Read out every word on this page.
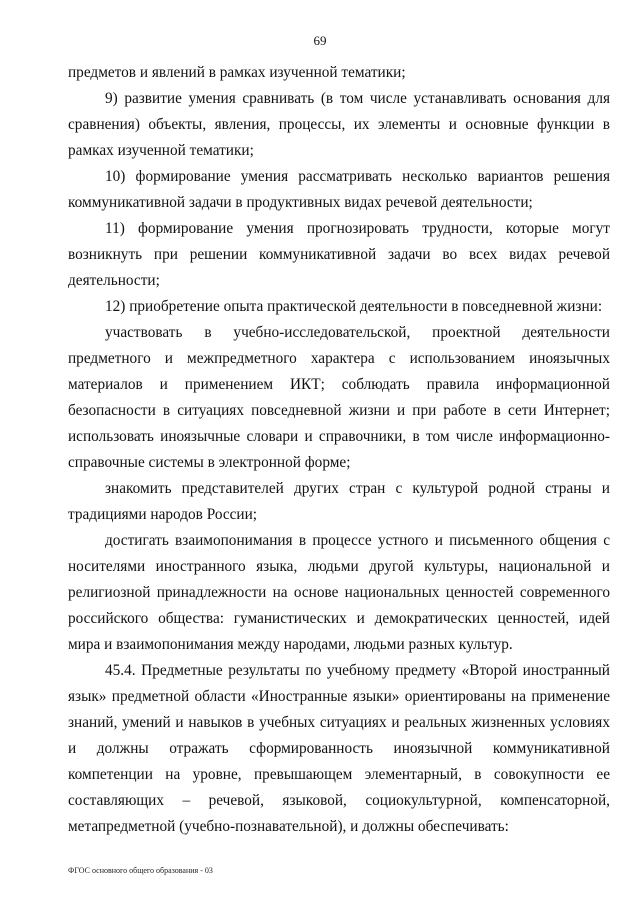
69

предметов и явлений в рамках изученной тематики;

9) развитие умения сравнивать (в том числе устанавливать основания для сравнения) объекты, явления, процессы, их элементы и основные функции в рамках изученной тематики;

10) формирование умения рассматривать несколько вариантов решения коммуникативной задачи в продуктивных видах речевой деятельности;

11) формирование умения прогнозировать трудности, которые могут возникнуть при решении коммуникативной задачи во всех видах речевой деятельности;

12) приобретение опыта практической деятельности в повседневной жизни:

участвовать в учебно-исследовательской, проектной деятельности предметного и межпредметного характера с использованием иноязычных материалов и применением ИКТ; соблюдать правила информационной безопасности в ситуациях повседневной жизни и при работе в сети Интернет; использовать иноязычные словари и справочники, в том числе информационно-справочные системы в электронной форме;

знакомить представителей других стран с культурой родной страны и традициями народов России;

достигать взаимопонимания в процессе устного и письменного общения с носителями иностранного языка, людьми другой культуры, национальной и религиозной принадлежности на основе национальных ценностей современного российского общества: гуманистических и демократических ценностей, идей мира и взаимопонимания между народами, людьми разных культур.

45.4. Предметные результаты по учебному предмету «Второй иностранный язык» предметной области «Иностранные языки» ориентированы на применение знаний, умений и навыков в учебных ситуациях и реальных жизненных условиях и должны отражать сформированность иноязычной коммуникативной компетенции на уровне, превышающем элементарный, в совокупности ее составляющих – речевой, языковой, социокультурной, компенсаторной, метапредметной (учебно-познавательной), и должны обеспечивать:

ФГОС основного общего образования - 03
